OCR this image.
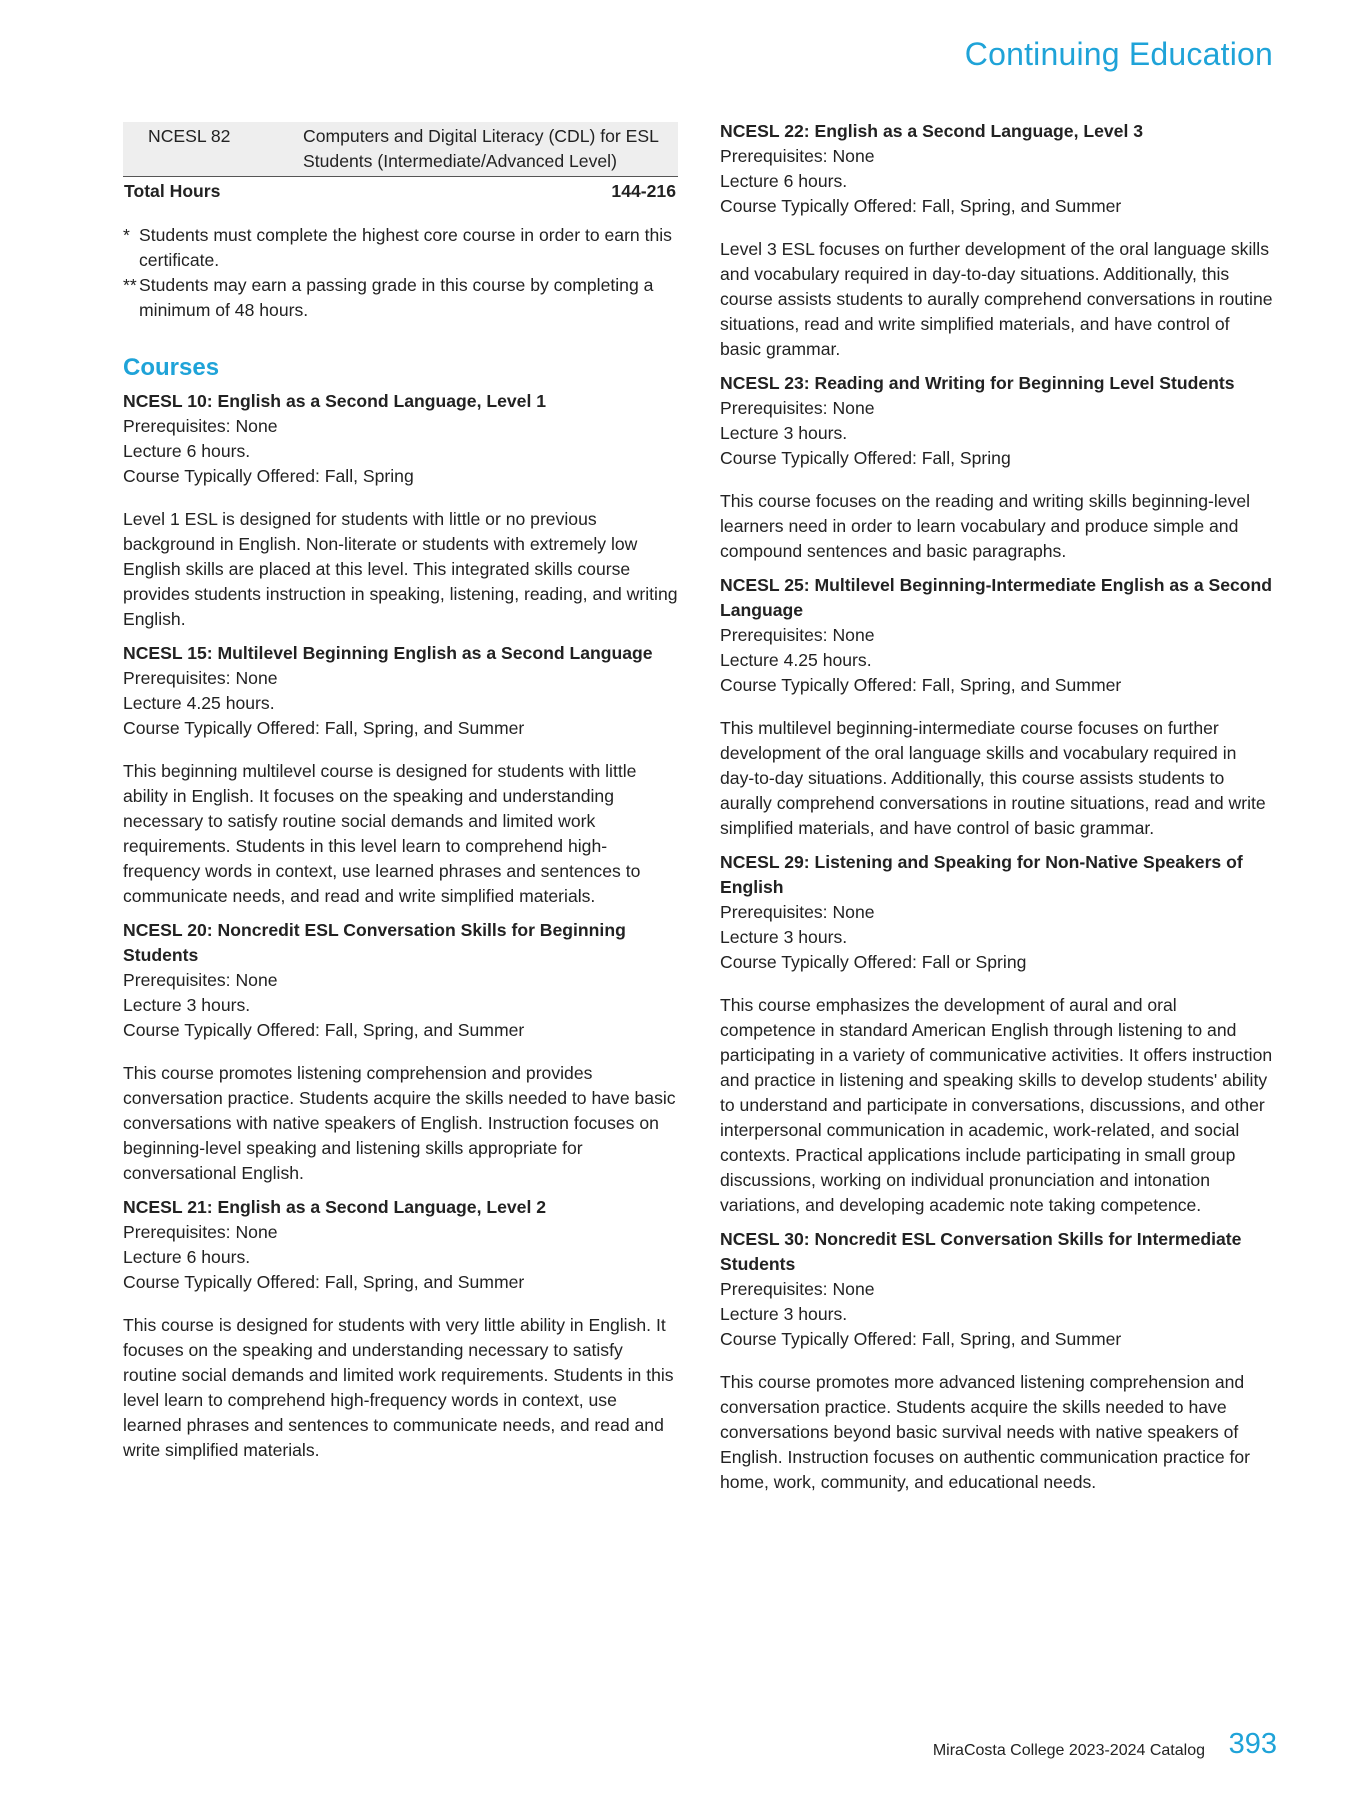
Continuing Education
NCESL 82	Computers and Digital Literacy (CDL) for ESL Students (Intermediate/Advanced Level)
Total Hours	144-216
* Students must complete the highest core course in order to earn this certificate.
** Students may earn a passing grade in this course by completing a minimum of 48 hours.
Courses
NCESL 10: English as a Second Language, Level 1
Prerequisites: None
Lecture 6 hours.
Course Typically Offered: Fall, Spring
Level 1 ESL is designed for students with little or no previous background in English. Non-literate or students with extremely low English skills are placed at this level. This integrated skills course provides students instruction in speaking, listening, reading, and writing English.
NCESL 15: Multilevel Beginning English as a Second Language
Prerequisites: None
Lecture 4.25 hours.
Course Typically Offered: Fall, Spring, and Summer
This beginning multilevel course is designed for students with little ability in English. It focuses on the speaking and understanding necessary to satisfy routine social demands and limited work requirements. Students in this level learn to comprehend high-frequency words in context, use learned phrases and sentences to communicate needs, and read and write simplified materials.
NCESL 20: Noncredit ESL Conversation Skills for Beginning Students
Prerequisites: None
Lecture 3 hours.
Course Typically Offered: Fall, Spring, and Summer
This course promotes listening comprehension and provides conversation practice. Students acquire the skills needed to have basic conversations with native speakers of English. Instruction focuses on beginning-level speaking and listening skills appropriate for conversational English.
NCESL 21: English as a Second Language, Level 2
Prerequisites: None
Lecture 6 hours.
Course Typically Offered: Fall, Spring, and Summer
This course is designed for students with very little ability in English. It focuses on the speaking and understanding necessary to satisfy routine social demands and limited work requirements. Students in this level learn to comprehend high-frequency words in context, use learned phrases and sentences to communicate needs, and read and write simplified materials.
NCESL 22: English as a Second Language, Level 3
Prerequisites: None
Lecture 6 hours.
Course Typically Offered: Fall, Spring, and Summer
Level 3 ESL focuses on further development of the oral language skills and vocabulary required in day-to-day situations. Additionally, this course assists students to aurally comprehend conversations in routine situations, read and write simplified materials, and have control of basic grammar.
NCESL 23: Reading and Writing for Beginning Level Students
Prerequisites: None
Lecture 3 hours.
Course Typically Offered: Fall, Spring
This course focuses on the reading and writing skills beginning-level learners need in order to learn vocabulary and produce simple and compound sentences and basic paragraphs.
NCESL 25: Multilevel Beginning-Intermediate English as a Second Language
Prerequisites: None
Lecture 4.25 hours.
Course Typically Offered: Fall, Spring, and Summer
This multilevel beginning-intermediate course focuses on further development of the oral language skills and vocabulary required in day-to-day situations. Additionally, this course assists students to aurally comprehend conversations in routine situations, read and write simplified materials, and have control of basic grammar.
NCESL 29: Listening and Speaking for Non-Native Speakers of English
Prerequisites: None
Lecture 3 hours.
Course Typically Offered: Fall or Spring
This course emphasizes the development of aural and oral competence in standard American English through listening to and participating in a variety of communicative activities. It offers instruction and practice in listening and speaking skills to develop students' ability to understand and participate in conversations, discussions, and other interpersonal communication in academic, work-related, and social contexts. Practical applications include participating in small group discussions, working on individual pronunciation and intonation variations, and developing academic note taking competence.
NCESL 30: Noncredit ESL Conversation Skills for Intermediate Students
Prerequisites: None
Lecture 3 hours.
Course Typically Offered: Fall, Spring, and Summer
This course promotes more advanced listening comprehension and conversation practice. Students acquire the skills needed to have conversations beyond basic survival needs with native speakers of English. Instruction focuses on authentic communication practice for home, work, community, and educational needs.
MiraCosta College 2023-2024 Catalog 393
